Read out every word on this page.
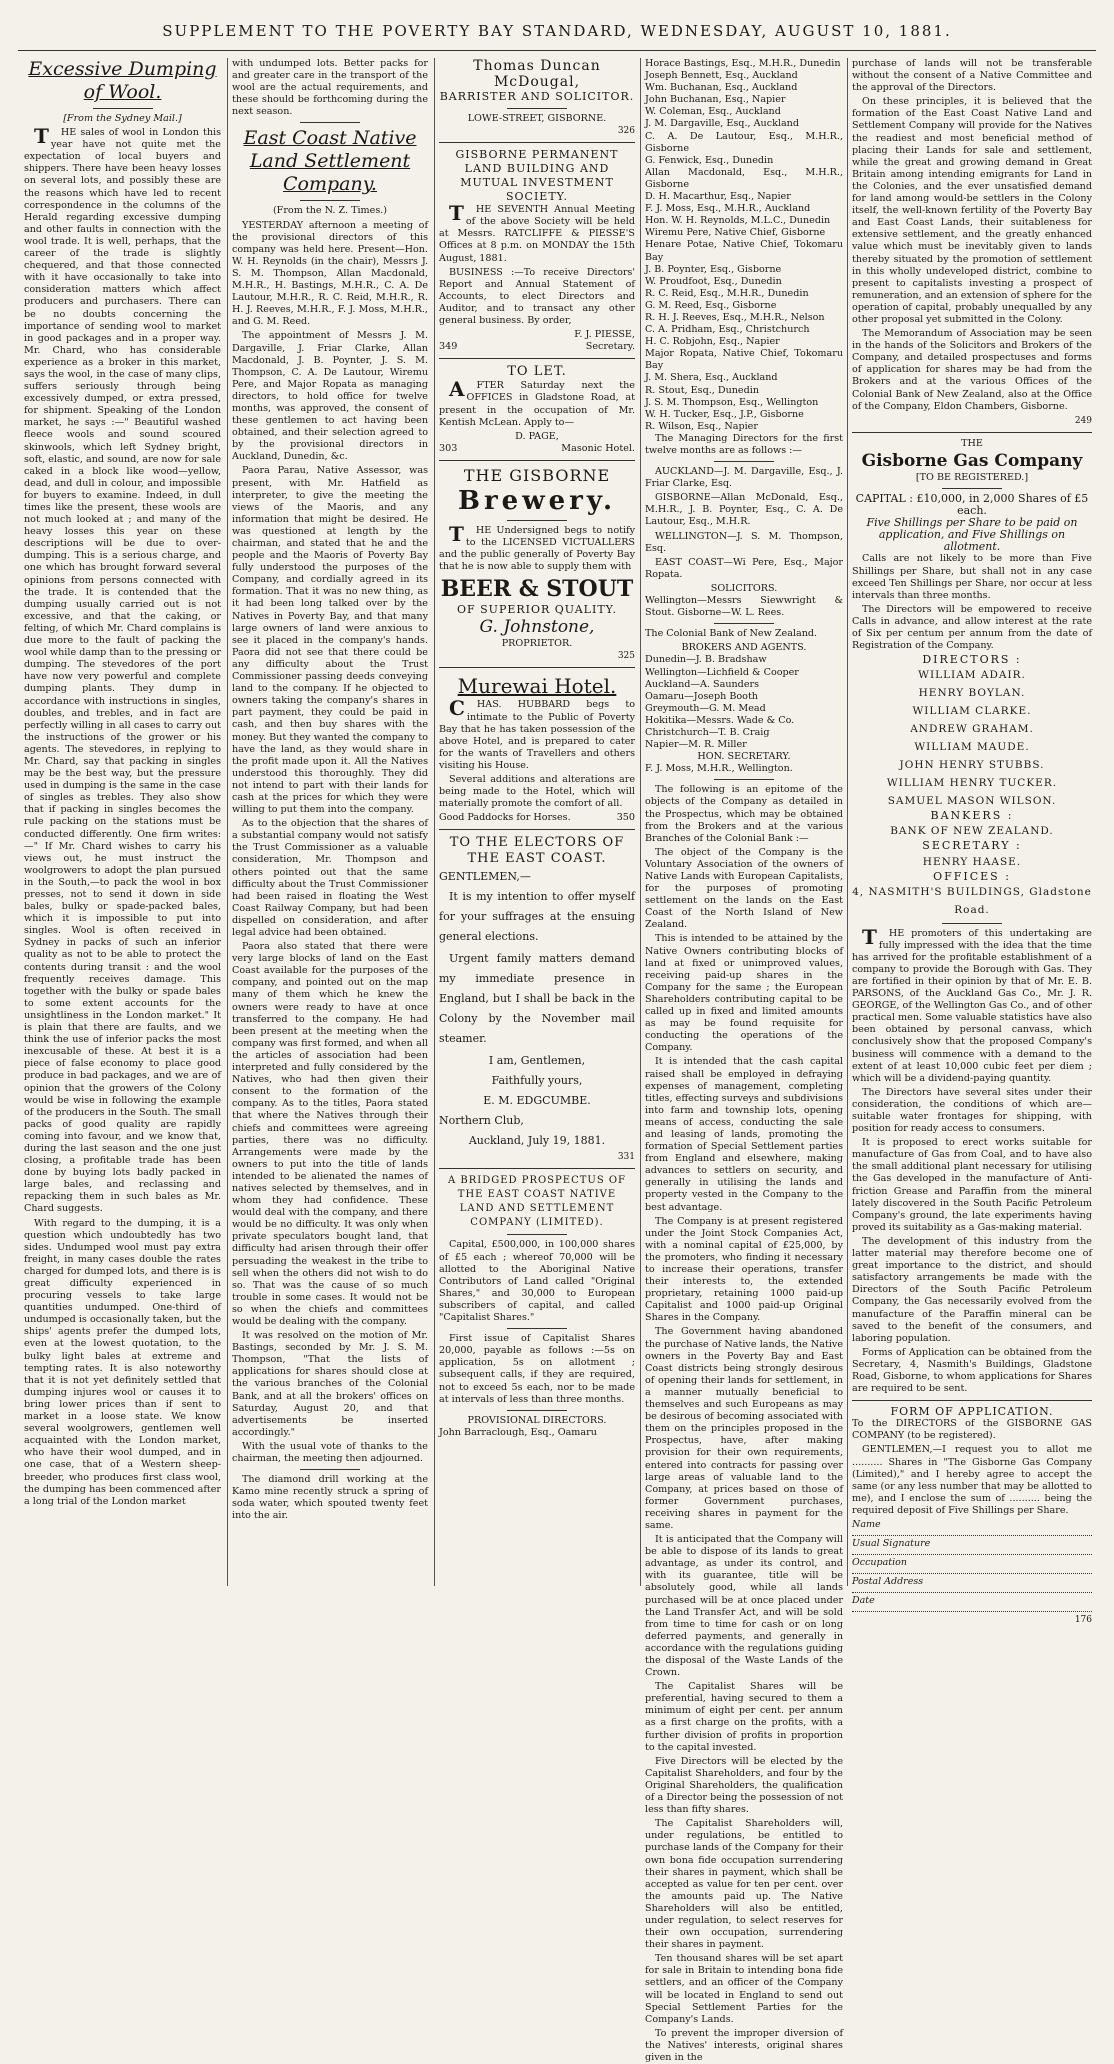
SUPPLEMENT TO THE POVERTY BAY STANDARD, WEDNESDAY, AUGUST 10, 1881.
Excessive Dumping of Wool.

[From the Sydney Mail.]

THE sales of wool in London this year have not quite met the expectation of local buyers and shippers. There have been heavy losses on several lots, and possibly these are the reasons which have led to recent correspondence in the columns of the Herald regarding excessive dumping and other faults in connection with the wool trade. It is well, perhaps, that the career of the trade is slightly chequered, and that those connected with it have occasionally to take into consideration matters which affect producers and purchasers. There can be no doubts concerning the importance of sending wool to market in good packages and in a proper way. Mr. Chard, who has considerable experience as a broker in this market, says the wool, in the case of many clips, suffers seriously through being excessively dumped, or extra pressed, for shipment. Speaking of the London market, he says :—" Beautiful washed fleece wools and sound scoured skinwools, which left Sydney bright, soft, elastic, and sound, are now for sale caked in a block like wood—yellow, dead, and dull in colour, and impossible for buyers to examine. Indeed, in dull times like the present, these wools are not much looked at ; and many of the heavy losses this year on these descriptions will be due to over-dumping. This is a serious charge, and one which has brought forward several opinions from persons connected with the trade. It is contended that the dumping usually carried out is not excessive, and that the caking, or felting, of which Mr. Chard complains is due more to the fault of packing the wool while damp than to the pressing or dumping. The stevedores of the port have now very powerful and complete dumping plants. They dump in accordance with instructions in singles, doubles, and trebles, and in fact are perfectly willing in all cases to carry out the instructions of the grower or his agents. The stevedores, in replying to Mr. Chard, say that packing in singles may be the best way, but the pressure used in dumping is the same in the case of singles as trebles. They also show that if packing in singles becomes the rule packing on the stations must be conducted differently. One firm writes:—" If Mr. Chard wishes to carry his views out, he must instruct the woolgrowers to adopt the plan pursued in the South,—to pack the wool in box presses, not to send it down in side bales, bulky or spade-packed bales, which it is impossible to put into singles. Wool is often received in Sydney in packs of such an inferior quality as not to be able to protect the contents during transit : and the wool frequently receives damage. This together with the bulky or spade bales to some extent accounts for the unsightliness in the London market." It is plain that there are faults, and we think the use of inferior packs the most inexcusable of these. At best it is a piece of false economy to place good produce in bad packages, and we are of opinion that the growers of the Colony would be wise in following the example of the producers in the South. The small packs of good quality are rapidly coming into favour, and we know that, during the last season and the one just closing, a profitable trade has been done by buying lots badly packed in large bales, and reclassing and repacking them in such bales as Mr. Chard suggests.

With regard to the dumping, it is a question which undoubtedly has two sides. Undumped wool must pay extra freight, in many cases double the rates charged for dumped lots, and there is is great difficulty experienced in procuring vessels to take large quantities undumped. One-third of undumped is occasionally taken, but the ships' agents prefer the dumped lots, even at the lowest quotation, to the bulky light bales at extreme and tempting rates. It is also noteworthy that it is not yet definitely settled that dumping injures wool or causes it to bring lower prices than if sent to market in a loose state. We know several woolgrowers, gentlemen well acquainted with the London market, who have their wool dumped, and in one case, that of a Western sheep-breeder, who produces first class wool, the dumping has been commenced after a long trial of the London market

with undumped lots. Better packs for and greater care in the transport of the wool are the actual requirements, and these should be forthcoming during the next season.

East Coast Native Land Settlement Company.

(From the N. Z. Times.)

YESTERDAY afternoon a meeting of the provisional directors of this company was held here. Present—Hon. W. H. Reynolds (in the chair), Messrs J. S. M. Thompson, Allan Macdonald, M.H.R., H. Bastings, M.H.R., C. A. De Lautour, M.H.R., R. C. Reid, M.H.R., R. H. J. Reeves, M.H.R., F. J. Moss, M.H.R., and G. M. Reed.

The appointment of Messrs J. M. Dargaville, J. Friar Clarke, Allan Macdonald, J. B. Poynter, J. S. M. Thompson, C. A. De Lautour, Wiremu Pere, and Major Ropata as managing directors, to hold office for twelve months, was approved, the consent of these gentlemen to act having been obtained, and their selection agreed to by the provisional directors in Auckland, Dunedin, &c.

Paora Parau, Native Assessor, was present, with Mr. Hatfield as interpreter, to give the meeting the views of the Maoris, and any information that might be desired. He was questioned at length by the chairman, and stated that he and the people and the Maoris of Poverty Bay fully understood the purposes of the Company, and cordially agreed in its formation. That it was no new thing, as it had been long talked over by the Natives in Poverty Bay, and that many large owners of land were anxious to see it placed in the company's hands. Paora did not see that there could be any difficulty about the Trust Commissioner passing deeds conveying land to the company. If he objected to owners taking the company's shares in part payment, they could be paid in cash, and then buy shares with the money. But they wanted the company to have the land, as they would share in the profit made upon it. All the Natives understood this thoroughly. They did not intend to part with their lands for cash at the prices for which they were willing to put them into the company.

As to the objection that the shares of a substantial company would not satisfy the Trust Commissioner as a valuable consideration, Mr. Thompson and others pointed out that the same difficulty about the Trust Commissioner had been raised in floating the West Coast Railway Company, but had been dispelled on consideration, and after legal advice had been obtained.

Paora also stated that there were very large blocks of land on the East Coast available for the purposes of the company, and pointed out on the map many of them which he knew the owners were ready to have at once transferred to the company. He had been present at the meeting when the company was first formed, and when all the articles of association had been interpreted and fully considered by the Natives, who had then given their consent to the formation of the company. As to the titles, Paora stated that where the Natives through their chiefs and committees were agreeing parties, there was no difficulty. Arrangements were made by the owners to put into the title of lands intended to be alienated the names of natives selected by themselves, and in whom they had confidence. These would deal with the company, and there would be no difficulty. It was only when private speculators bought land, that difficulty had arisen through their offer persuading the weakest in the tribe to sell when the others did not wish to do so. That was the cause of so much trouble in some cases. It would not be so when the chiefs and committees would be dealing with the company.

It was resolved on the motion of Mr. Bastings, seconded by Mr. J. S. M. Thompson, "That the lists of applications for shares should close at the various branches of the Colonial Bank, and at all the brokers' offices on Saturday, August 20, and that advertisements be inserted accordingly."

With the usual vote of thanks to the chairman, the meeting then adjourned.

The diamond drill working at the Kamo mine recently struck a spring of soda water, which spouted twenty feet into the air.

Thomas Duncan McDougal,
BARRISTER AND SOLICITOR.
LOWE-STREET, GISBORNE.
326
GISBORNE PERMANENT LAND BUILDING AND MUTUAL INVESTMENT SOCIETY.

THE SEVENTH Annual Meeting of the above Society will be held at Messrs. RATCLIFFE & PIESSE'S Offices at 8 p.m. on MONDAY the 15th August, 1881.

BUSINESS :—To receive Directors' Report and Annual Statement of Accounts, to elect Directors and Auditor, and to transact any other general business. By order,

F. J. PIESSE,
349	Secretary.
TO LET.

AFTER Saturday next the OFFICES in Gladstone Road, at present in the occupation of Mr. Kentish McLean. Apply to—

D. PAGE,
303	Masonic Hotel.
THE GISBORNE
Brewery.

THE Undersigned begs to notify to the LICENSED VICTUALLERS and the public generally of Poverty Bay that he is now able to supply them with

BEER & STOUT
OF SUPERIOR QUALITY.
G. Johnstone,
PROPRIETOR.
325
Murewai Hotel.

CHAS. HUBBARD begs to intimate to the Public of Poverty Bay that he has taken possession of the above Hotel, and is prepared to cater for the wants of Travellers and others visiting his House.

Several additions and alterations are being made to the Hotel, which will materially promote the comfort of all.

Good Paddocks for Horses.	350
TO THE ELECTORS OF THE EAST COAST.
GENTLEMEN,—

It is my intention to offer myself for your suffrages at the ensuing general elections.

Urgent family matters demand my immediate presence in England, but I shall be back in the Colony by the November mail steamer.

I am, Gentlemen,
Faithfully yours,
E. M. EDGCUMBE.
Northern Club,
Auckland, July 19, 1881.
331
A BRIDGED PROSPECTUS OF THE EAST COAST NATIVE LAND AND SETTLEMENT COMPANY (LIMITED).

Capital, £500,000, in 100,000 shares of £5 each ; whereof 70,000 will be allotted to the Aboriginal Native Contributors of Land called "Original Shares," and 30,000 to European subscribers of capital, and called "Capitalist Shares."

First issue of Capitalist Shares 20,000, payable as follows :—5s on application, 5s on allotment ; subsequent calls, if they are required, not to exceed 5s each, nor to be made at intervals of less than three months.

PROVISIONAL DIRECTORS.
John Barraclough, Esq., Oamaru
Horace Bastings, Esq., M.H.R., Dunedin
Joseph Bennett, Esq., Auckland
Wm. Buchanan, Esq., Auckland
John Buchanan, Esq., Napier
W. Coleman, Esq., Auckland
J. M. Dargaville, Esq., Auckland
C. A. De Lautour, Esq., M.H.R., Gisborne
G. Fenwick, Esq., Dunedin
Allan Macdonald, Esq., M.H.R., Gisborne
D. H. Macarthur, Esq., Napier
F. J. Moss, Esq., M.H.R., Auckland
Hon. W. H. Reynolds, M.L.C., Dunedin
Wiremu Pere, Native Chief, Gisborne
Henare Potae, Native Chief, Tokomaru Bay
J. B. Poynter, Esq., Gisborne
W. Proudfoot, Esq., Dunedin
R. C. Reid, Esq., M.H.R., Dunedin
G. M. Reed, Esq., Gisborne
R. H. J. Reeves, Esq., M.H.R., Nelson
C. A. Pridham, Esq., Christchurch
H. C. Robjohn, Esq., Napier
Major Ropata, Native Chief, Tokomaru Bay
J. M. Shera, Esq., Auckland
R. Stout, Esq., Dunedin
J. S. M. Thompson, Esq., Wellington
W. H. Tucker, Esq., J.P., Gisborne
R. Wilson, Esq., Napier

The Managing Directors for the first twelve months are as follows :—

AUCKLAND—J. M. Dargaville, Esq., J. Friar Clarke, Esq.

GISBORNE—Allan McDonald, Esq., M.H.R., J. B. Poynter, Esq., C. A. De Lautour, Esq., M.H.R.

WELLINGTON—J. S. M. Thompson, Esq.

EAST COAST—Wi Pere, Esq., Major Ropata.

SOLICITORS.

Wellington—Messrs Siewwright & Stout. Gisborne—W. L. Rees.

The Colonial Bank of New Zealand.

BROKERS AND AGENTS.
Dunedin—J. B. Bradshaw
Wellington—Lichfield & Cooper
Auckland—A. Saunders
Oamaru—Joseph Booth
Greymouth—G. M. Mead
Hokitika—Messrs. Wade & Co.
Christchurch—T. B. Craig
Napier—M. R. Miller
HON. SECRETARY.
F. J. Moss, M.H.R., Wellington.

The following is an epitome of the objects of the Company as detailed in the Prospectus, which may be obtained from the Brokers and at the various Branches of the Colonial Bank :—

The object of the Company is the Voluntary Association of the owners of Native Lands with European Capitalists, for the purposes of promoting settlement on the lands on the East Coast of the North Island of New Zealand.

This is intended to be attained by the Native Owners contributing blocks of land at fixed or unimproved values, receiving paid-up shares in the Company for the same ; the European Shareholders contributing capital to be called up in fixed and limited amounts as may be found requisite for conducting the operations of the Company.

It is intended that the cash capital raised shall be employed in defraying expenses of management, completing titles, effecting surveys and subdivisions into farm and township lots, opening means of access, conducting the sale and leasing of lands, promoting the formation of Special Settlement parties from England and elsewhere, making advances to settlers on security, and generally in utilising the lands and property vested in the Company to the best advantage.

The Company is at present registered under the Joint Stock Companies Act, with a nominal capital of £25,000, by the promoters, who finding it necessary to increase their operations, transfer their interests to, the extended proprietary, retaining 1000 paid-up Capitalist and 1000 paid-up Original Shares in the Company.

The Government having abandoned the purchase of Native lands, the Native owners in the Poverty Bay and East Coast districts being strongly desirous of opening their lands for settlement, in a manner mutually beneficial to themselves and such Europeans as may be desirous of becoming associated with them on the principles proposed in the Prospectus, have, after making provision for their own requirements, entered into contracts for passing over large areas of valuable land to the Company, at prices based on those of former Government purchases, receiving shares in payment for the same.

It is anticipated that the Company will be able to dispose of its lands to great advantage, as under its control, and with its guarantee, title will be absolutely good, while all lands purchased will be at once placed under the Land Transfer Act, and will be sold from time to time for cash or on long deferred payments, and generally in accordance with the regulations guiding the disposal of the Waste Lands of the Crown.

The Capitalist Shares will be preferential, having secured to them a minimum of eight per cent. per annum as a first charge on the profits, with a further division of profits in proportion to the capital invested.

Five Directors will be elected by the Capitalist Shareholders, and four by the Original Shareholders, the qualification of a Director being the possession of not less than fifty shares.

The Capitalist Shareholders will, under regulations, be entitled to purchase lands of the Company for their own bona fide occupation surrendering their shares in payment, which shall be accepted as value for ten per cent. over the amounts paid up. The Native Shareholders will also be entitled, under regulation, to select reserves for their own occupation, surrendering their shares in payment.

Ten thousand shares will be set apart for sale in Britain to intending bona fide settlers, and an officer of the Company will be located in England to send out Special Settlement Parties for the Company's Lands.

To prevent the improper diversion of the Natives' interests, original shares given in the

purchase of lands will not be transferable without the consent of a Native Committee and the approval of the Directors.

On these principles, it is believed that the formation of the East Coast Native Land and Settlement Company will provide for the Natives the readiest and most beneficial method of placing their Lands for sale and settlement, while the great and growing demand in Great Britain among intending emigrants for Land in the Colonies, and the ever unsatisfied demand for land among would-be settlers in the Colony itself, the well-known fertility of the Poverty Bay and East Coast Lands, their suitableness for extensive settlement, and the greatly enhanced value which must be inevitably given to lands thereby situated by the promotion of settlement in this wholly undeveloped district, combine to present to capitalists investing a prospect of remuneration, and an extension of sphere for the operation of capital, probably unequalled by any other proposal yet submitted in the Colony.

The Memorandum of Association may be seen in the hands of the Solicitors and Brokers of the Company, and detailed prospectuses and forms of application for shares may be had from the Brokers and at the various Offices of the Colonial Bank of New Zealand, also at the Office of the Company, Eldon Chambers, Gisborne.

249
THE
Gisborne Gas Company
[TO BE REGISTERED.]
CAPITAL : £10,000, in 2,000 Shares of £5 each.
Five Shillings per Share to be paid on application, and Five Shillings on allotment.

Calls are not likely to be more than Five Shillings per Share, but shall not in any case exceed Ten Shillings per Share, nor occur at less intervals than three months.

The Directors will be empowered to receive Calls in advance, and allow interest at the rate of Six per centum per annum from the date of Registration of the Company.

DIRECTORS :
WILLIAM ADAIR.
HENRY BOYLAN.
WILLIAM CLARKE.
ANDREW GRAHAM.
WILLIAM MAUDE.
JOHN HENRY STUBBS.
WILLIAM HENRY TUCKER.
SAMUEL MASON WILSON.
BANKERS :
BANK OF NEW ZEALAND.
SECRETARY :
HENRY HAASE.
OFFICES :
4, NASMITH'S BUILDINGS, Gladstone Road.

THE promoters of this undertaking are fully impressed with the idea that the time has arrived for the profitable establishment of a company to provide the Borough with Gas. They are fortified in their opinion by that of Mr. E. B. PARSONS, of the Auckland Gas Co., Mr. J. R. GEORGE, of the Wellington Gas Co., and of other practical men. Some valuable statistics have also been obtained by personal canvass, which conclusively show that the proposed Company's business will commence with a demand to the extent of at least 10,000 cubic feet per diem ; which will be a dividend-paying quantity.

The Directors have several sites under their consideration, the conditions of which are—suitable water frontages for shipping, with position for ready access to consumers.

It is proposed to erect works suitable for manufacture of Gas from Coal, and to have also the small additional plant necessary for utilising the Gas developed in the manufacture of Anti-friction Grease and Paraffin from the mineral lately discovered in the South Pacific Petroleum Company's ground, the late experiments having proved its suitability as a Gas-making material.

The development of this industry from the latter material may therefore become one of great importance to the district, and should satisfactory arrangements be made with the Directors of the South Pacific Petroleum Company, the Gas necessarily evolved from the manufacture of the Paraffin mineral can be saved to the benefit of the consumers, and laboring population.

Forms of Application can be obtained from the Secretary, 4, Nasmith's Buildings, Gladstone Road, Gisborne, to whom applications for Shares are required to be sent.

FORM OF APPLICATION.

To the DIRECTORS of the GISBORNE GAS COMPANY (to be registered).

GENTLEMEN,—I request you to allot me .......... Shares in "The Gisborne Gas Company (Limited)," and I hereby agree to accept the same (or any less number that may be allotted to me), and I enclose the sum of .......... being the required deposit of Five Shillings per Share.

Name
Usual Signature
Occupation
Postal Address
Date
176
